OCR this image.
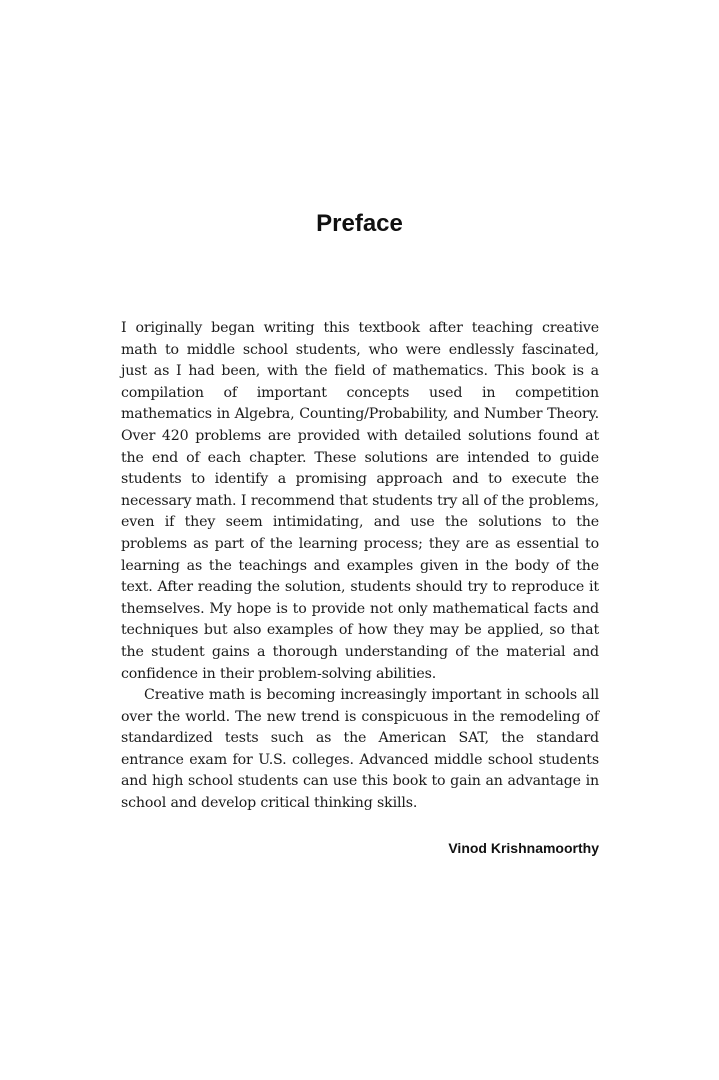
Preface

I originally began writing this textbook after teaching creative math to middle school students, who were endlessly fascinated, just as I had been, with the field of mathematics. This book is a compilation of important concepts used in competition mathematics in Algebra, Counting/Probability, and Number Theory. Over 420 problems are provided with detailed solutions found at the end of each chapter. These solutions are intended to guide students to identify a promising approach and to execute the necessary math. I recommend that students try all of the problems, even if they seem intimidating, and use the solutions to the problems as part of the learning process; they are as essential to learning as the teachings and examples given in the body of the text. After reading the solution, students should try to reproduce it themselves. My hope is to provide not only mathematical facts and techniques but also examples of how they may be applied, so that the student gains a thorough understanding of the material and confidence in their problem-solving abilities.

Creative math is becoming increasingly important in schools all over the world. The new trend is conspicuous in the remodeling of standardized tests such as the American SAT, the standard entrance exam for U.S. colleges. Advanced middle school students and high school students can use this book to gain an advantage in school and develop critical thinking skills.

Vinod Krishnamoorthy
